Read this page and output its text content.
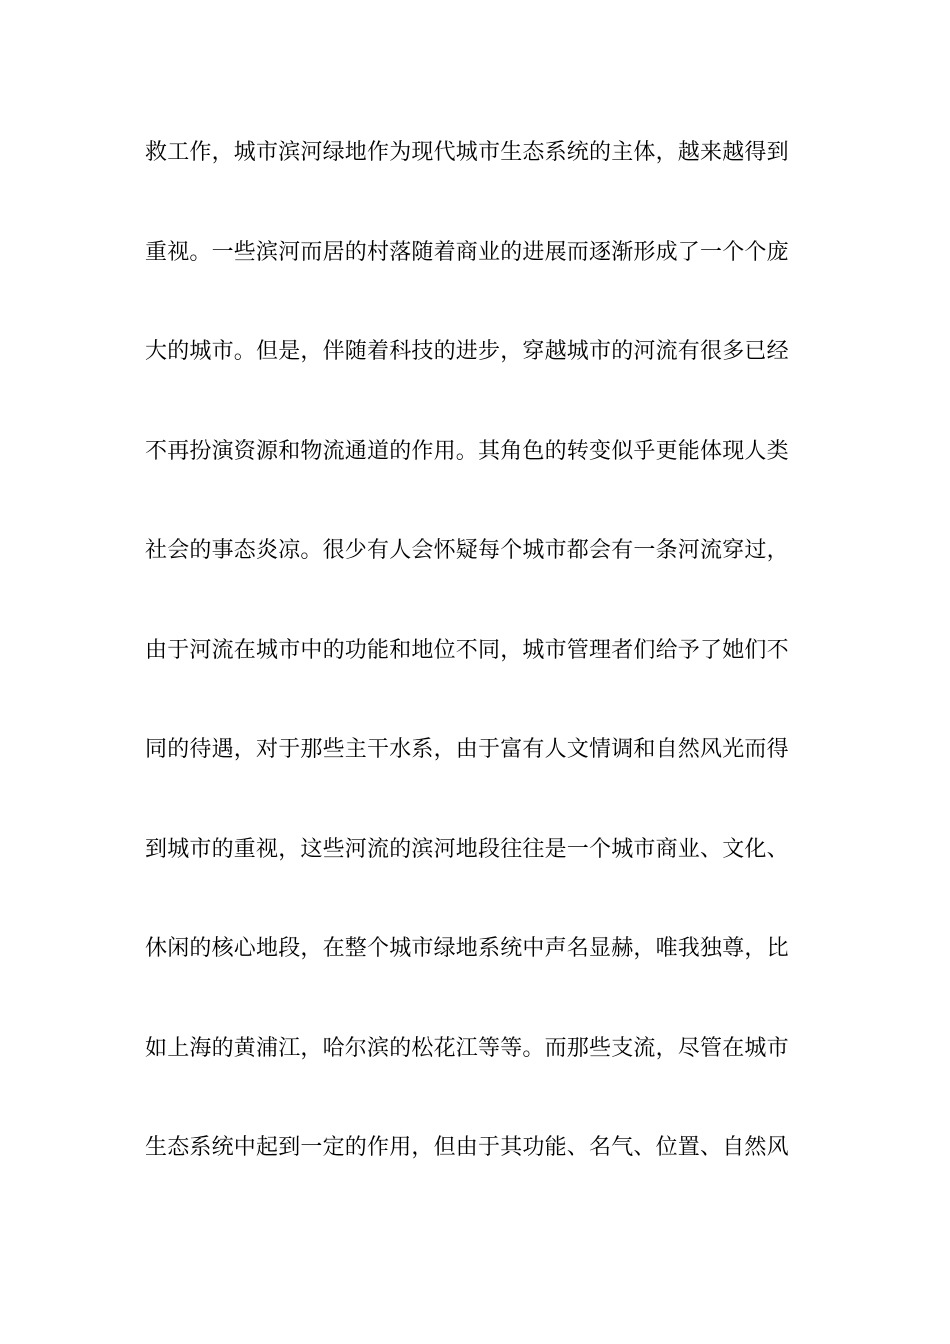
救工作，城市滨河绿地作为现代城市生态系统的主体，越来越得到
重视。一些滨河而居的村落随着商业的进展而逐渐形成了一个个庞
大的城市。但是，伴随着科技的进步，穿越城市的河流有很多已经
不再扮演资源和物流通道的作用。其角色的转变似乎更能体现人类
社会的事态炎凉。很少有人会怀疑每个城市都会有一条河流穿过，
由于河流在城市中的功能和地位不同，城市管理者们给予了她们不
同的待遇，对于那些主干水系，由于富有人文情调和自然风光而得
到城市的重视，这些河流的滨河地段往往是一个城市商业、文化、
休闲的核心地段，在整个城市绿地系统中声名显赫，唯我独尊，比
如上海的黄浦江，哈尔滨的松花江等等。而那些支流，尽管在城市
生态系统中起到一定的作用，但由于其功能、名气、位置、自然风
